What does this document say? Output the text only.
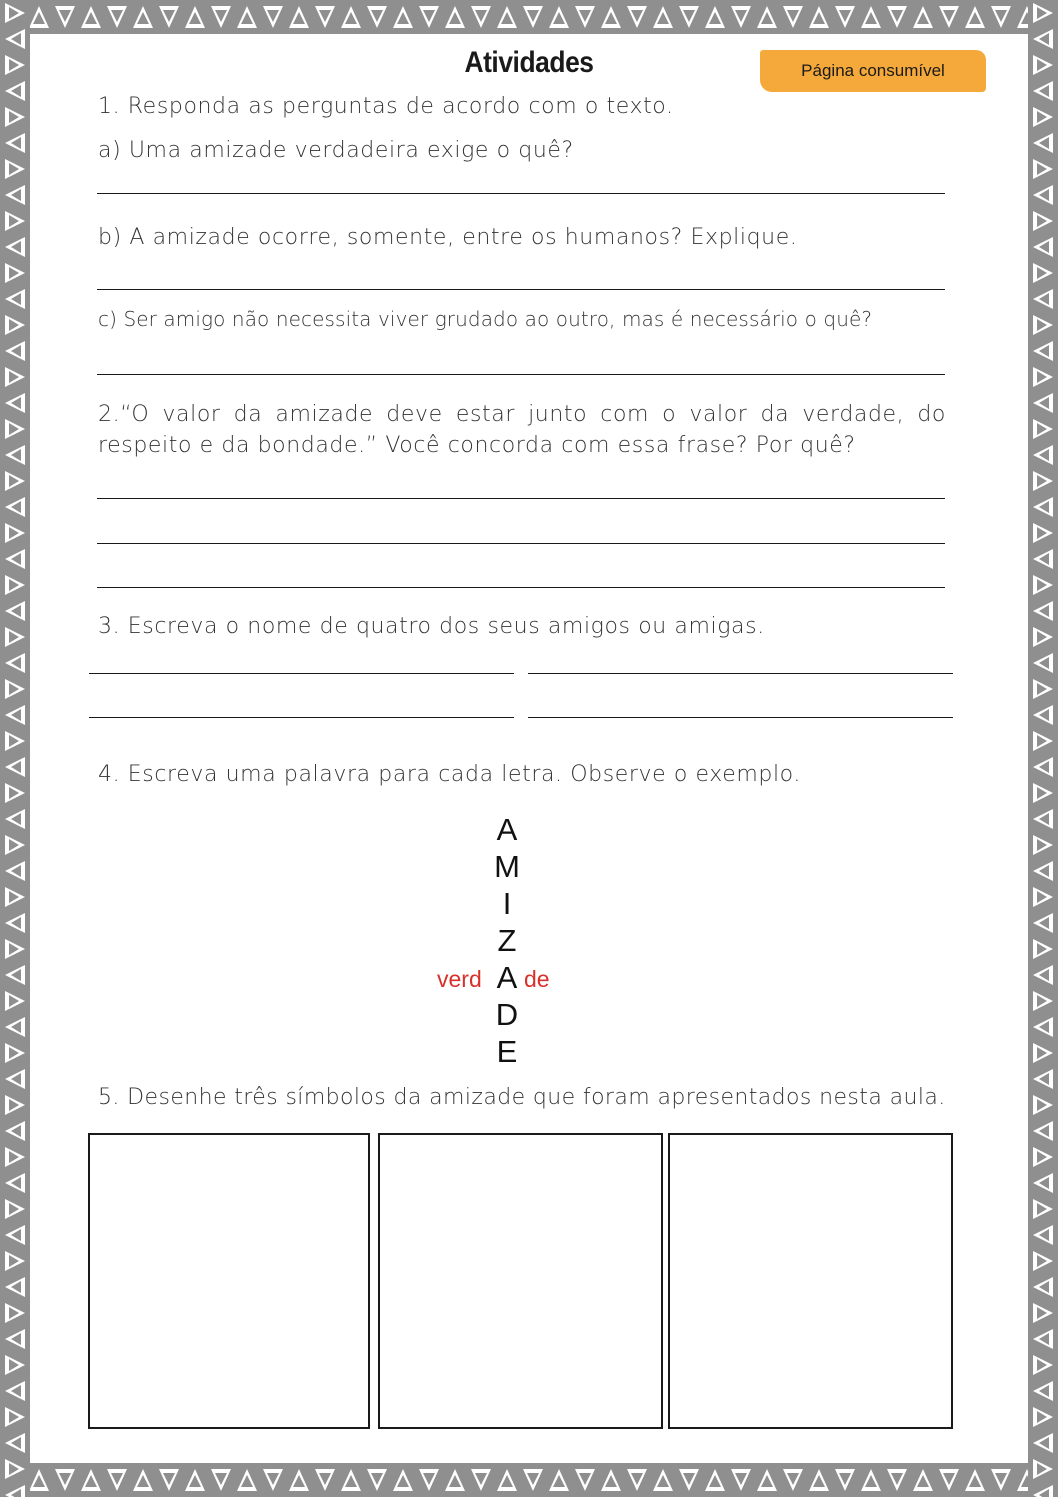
Atividades	Página consumível
1. Responda as perguntas de acordo com o texto.
a) Uma amizade verdadeira exige o quê?
b) A amizade ocorre, somente, entre os humanos? Explique.
c) Ser amigo não necessita viver grudado ao outro, mas é necessário o quê?
2.“O valor da amizade deve estar junto com o valor da verdade, do respeito e da bondade.” Você concorda com essa frase? Por quê?
3. Escreva o nome de quatro dos seus amigos ou amigas.
4. Escreva uma palavra para cada letra. Observe o exemplo.
A
M
I
Z
A
D
E
verd de
5. Desenhe três símbolos da amizade que foram apresentados nesta aula.
